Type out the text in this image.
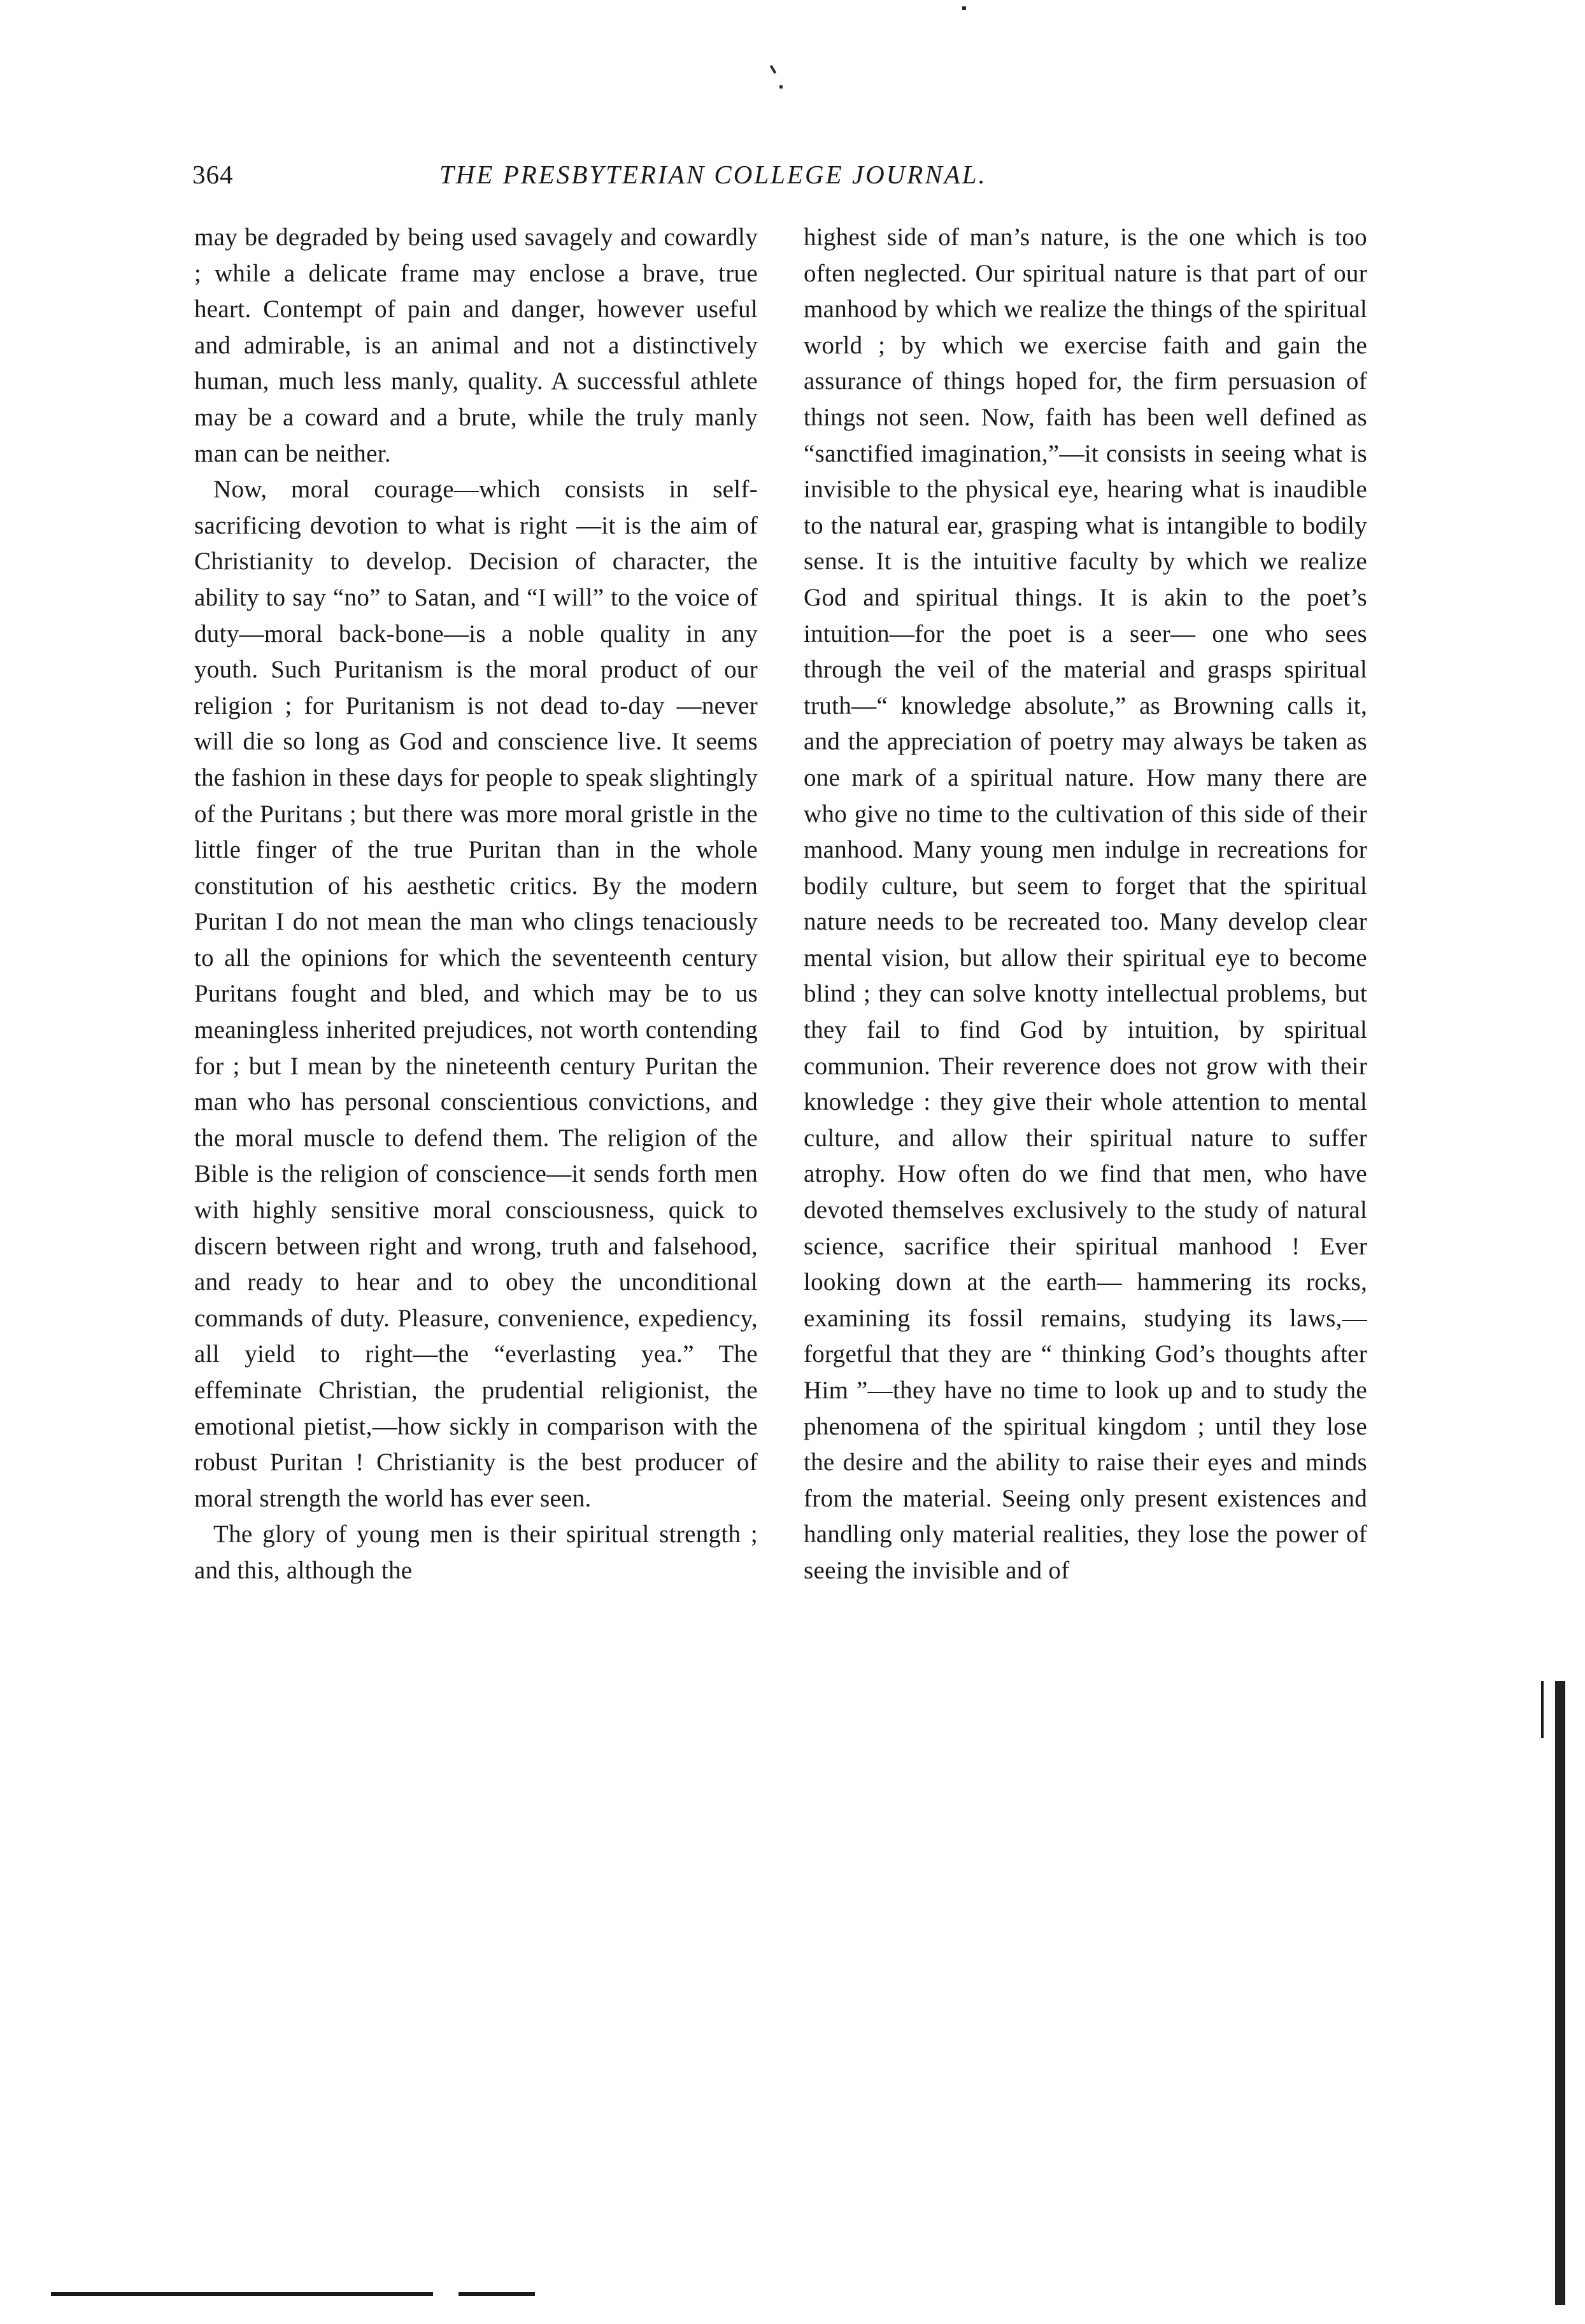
364	THE PRESBYTERIAN COLLEGE JOURNAL.

may be degraded by being used savagely and cowardly ; while a delicate frame may enclose a brave, true heart. Contempt of pain and danger, however useful and admirable, is an animal and not a distinctively human, much less manly, quality. A successful athlete may be a coward and a brute, while the truly manly man can be neither.

Now, moral courage—which consists in self-sacrificing devotion to what is right —it is the aim of Christianity to develop. Decision of character, the ability to say “no” to Satan, and “I will” to the voice of duty—moral back-bone—is a noble quality in any youth. Such Puritanism is the moral product of our religion ; for Puritanism is not dead to-day —never will die so long as God and conscience live. It seems the fashion in these days for people to speak slightingly of the Puritans ; but there was more moral gristle in the little finger of the true Puritan than in the whole constitution of his aesthetic critics. By the modern Puritan I do not mean the man who clings tenaciously to all the opinions for which the seventeenth century Puritans fought and bled, and which may be to us meaningless inherited prejudices, not worth contending for ; but I mean by the nineteenth century Puritan the man who has personal conscientious convictions, and the moral muscle to defend them. The religion of the Bible is the religion of conscience—it sends forth men with highly sensitive moral consciousness, quick to discern between right and wrong, truth and falsehood, and ready to hear and to obey the unconditional commands of duty. Pleasure, convenience, expediency, all yield to right—the “everlasting yea.” The effeminate Christian, the prudential religionist, the emotional pietist,—how sickly in comparison with the robust Puritan ! Christianity is the best producer of moral strength the world has ever seen.

The glory of young men is their spiritual strength ; and this, although the

highest side of man’s nature, is the one which is too often neglected. Our spiritual nature is that part of our manhood by which we realize the things of the spiritual world ; by which we exercise faith and gain the assurance of things hoped for, the firm persuasion of things not seen. Now, faith has been well defined as “sanctified imagination,”—it consists in seeing what is invisible to the physical eye, hearing what is inaudible to the natural ear, grasping what is intangible to bodily sense. It is the intuitive faculty by which we realize God and spiritual things. It is akin to the poet’s intuition—for the poet is a seer— one who sees through the veil of the material and grasps spiritual truth—“ knowledge absolute,” as Browning calls it, and the appreciation of poetry may always be taken as one mark of a spiritual nature. How many there are who give no time to the cultivation of this side of their manhood. Many young men indulge in recreations for bodily culture, but seem to forget that the spiritual nature needs to be recreated too. Many develop clear mental vision, but allow their spiritual eye to become blind ; they can solve knotty intellectual problems, but they fail to find God by intuition, by spiritual communion. Their reverence does not grow with their knowledge : they give their whole attention to mental culture, and allow their spiritual nature to suffer atrophy. How often do we find that men, who have devoted themselves exclusively to the study of natural science, sacrifice their spiritual manhood ! Ever looking down at the earth— hammering its rocks, examining its fossil remains, studying its laws,—forgetful that they are “ thinking God’s thoughts after Him ”—they have no time to look up and to study the phenomena of the spiritual kingdom ; until they lose the desire and the ability to raise their eyes and minds from the material. Seeing only present existences and handling only material realities, they lose the power of seeing the invisible and of
